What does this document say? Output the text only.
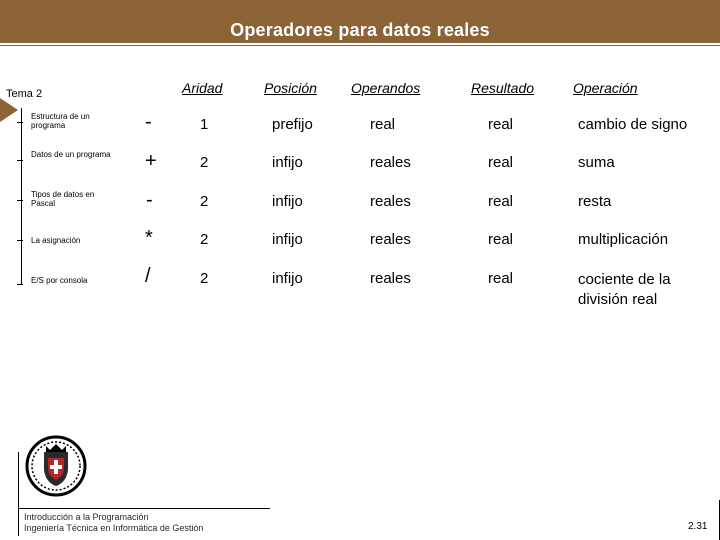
Operadores para datos reales
Tema 2
Estructura de un programa
Datos de un programa
Tipos de datos en Pascal
La asignación
E/S por consola
Aridad	Posición Operandos	Resultado	Operación
-	1	prefijo	real	real	cambio de signo
+	2	infijo	reales	real	suma
-	2	infijo	reales	real	resta
*	2	infijo	reales	real	multiplicación
/	2	infijo	reales	real	cociente de la división real
Introducción a la Programación
Ingeniería Técnica en Informática de Gestión	2.31
